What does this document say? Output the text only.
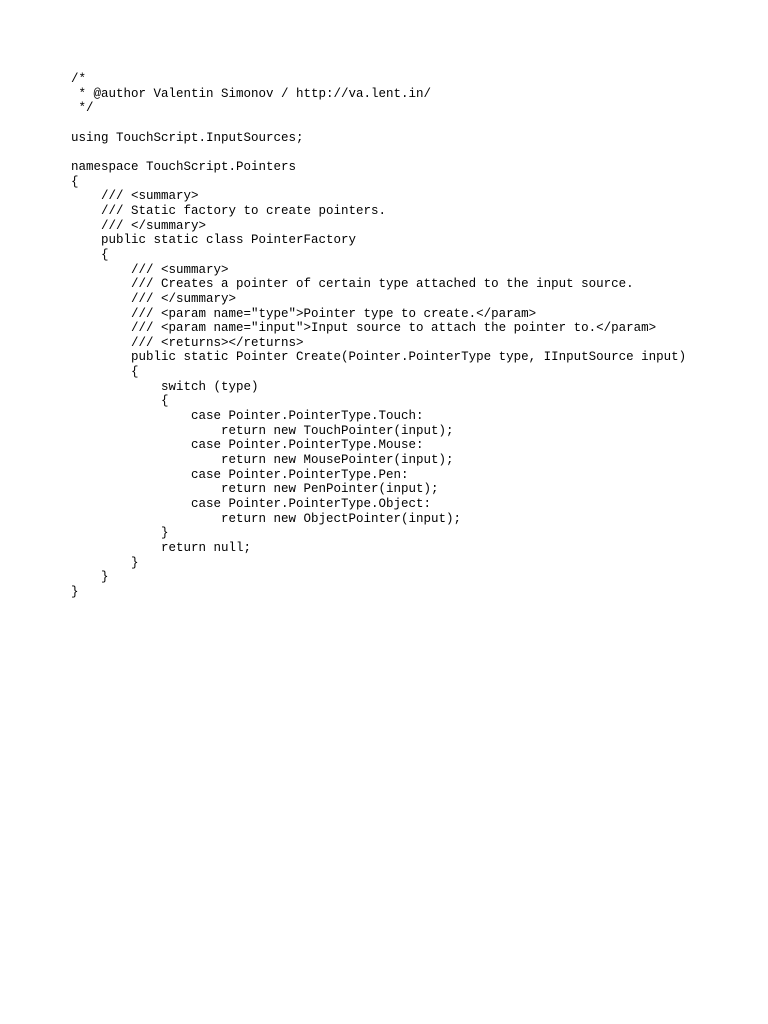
/*
* @author Valentin Simonov / http://va.lent.in/
*/
using TouchScript.InputSources;
namespace TouchScript.Pointers
{
/// <summary>
/// Static factory to create pointers.
/// </summary>
public static class PointerFactory
{
/// <summary>
/// Creates a pointer of certain type attached to the input source.
/// </summary>
/// <param name="type">Pointer type to create.</param>
/// <param name="input">Input source to attach the pointer to.</param>
/// <returns></returns>
public static Pointer Create(Pointer.PointerType type, IInputSource input)
{
switch (type)
{
case Pointer.PointerType.Touch:
return new TouchPointer(input);
case Pointer.PointerType.Mouse:
return new MousePointer(input);
case Pointer.PointerType.Pen:
return new PenPointer(input);
case Pointer.PointerType.Object:
return new ObjectPointer(input);
}
return null;
}
}
}
